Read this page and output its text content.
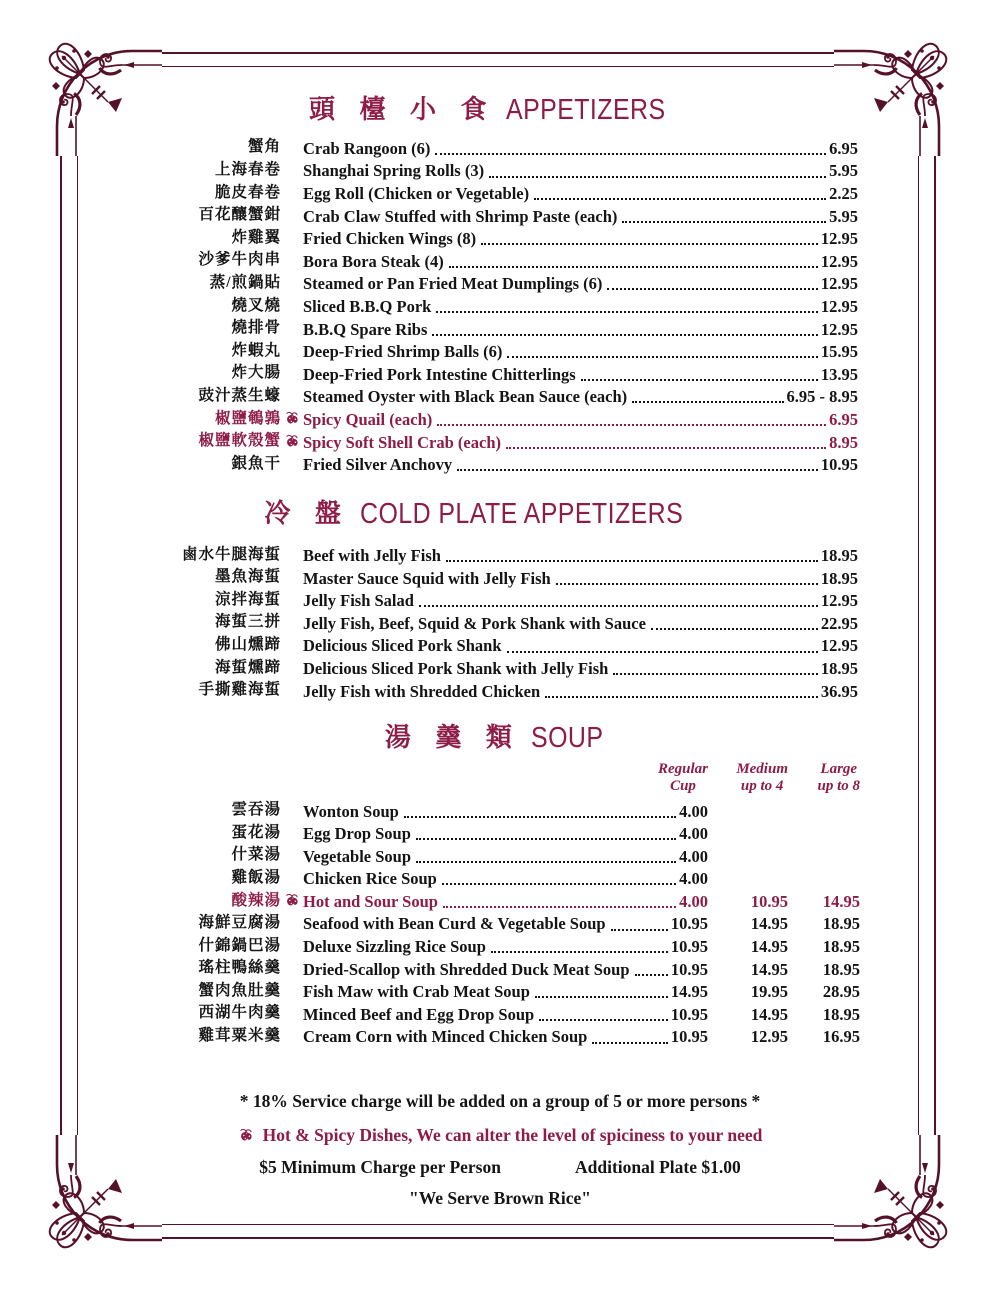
頭 檯 小 食 APPETIZERS
蟹角 Crab Rangoon (6)	6.95
上海春卷 Shanghai Spring Rolls (3)	5.95
脆皮春卷 Egg Roll (Chicken or Vegetable)	2.25
百花釀蟹鉗 Crab Claw Stuffed with Shrimp Paste (each)	5.95
炸雞翼 Fried Chicken Wings (8)	12.95
沙爹牛肉串 Bora Bora Steak (4)	12.95
蒸/煎鍋貼 Steamed or Pan Fried Meat Dumplings (6)	12.95
燒叉燒 Sliced B.B.Q Pork	12.95
燒排骨 B.B.Q Spare Ribs	12.95
炸蝦丸 Deep-Fried Shrimp Balls (6)	15.95
炸大腸 Deep-Fried Pork Intestine Chitterlings	13.95
豉汁蒸生蠔 Steamed Oyster with Black Bean Sauce (each)	6.95 - 8.95
椒鹽鵪鶉 Spicy Quail (each)	6.95
椒鹽軟殼蟹 Spicy Soft Shell Crab (each)	8.95
銀魚干 Fried Silver Anchovy	10.95
冷 盤 COLD PLATE APPETIZERS
鹵水牛腿海蜇 Beef with Jelly Fish	18.95
墨魚海蜇 Master Sauce Squid with Jelly Fish	18.95
涼拌海蜇 Jelly Fish Salad	12.95
海蜇三拼 Jelly Fish, Beef, Squid & Pork Shank with Sauce	22.95
佛山燻蹄 Delicious Sliced Pork Shank	12.95
海蜇燻蹄 Delicious Sliced Pork Shank with Jelly Fish	18.95
手撕雞海蜇 Jelly Fish with Shredded Chicken	36.95
湯 羹 類 SOUP
Regular
Cup
Medium
up to 4
Large
up to 8
雲吞湯 Wonton Soup	4.00
蛋花湯 Egg Drop Soup	4.00
什菜湯 Vegetable Soup	4.00
雞飯湯 Chicken Rice Soup	4.00
酸辣湯 Hot and Sour Soup	4.00	10.95	14.95
海鮮豆腐湯 Seafood with Bean Curd & Vegetable Soup	10.95	14.95	18.95
什錦鍋巴湯 Deluxe Sizzling Rice Soup	10.95	14.95	18.95
瑤柱鴨絲羹 Dried-Scallop with Shredded Duck Meat Soup	10.95	14.95	18.95
蟹肉魚肚羹 Fish Maw with Crab Meat Soup	14.95	19.95	28.95
西湖牛肉羹 Minced Beef and Egg Drop Soup	10.95	14.95	18.95
雞茸粟米羹 Cream Corn with Minced Chicken Soup	10.95	12.95	16.95
* 18% Service charge will be added on a group of 5 or more persons *
Hot & Spicy Dishes, We can alter the level of spiciness to your need
$5 Minimum Charge per Person	Additional Plate $1.00
"We Serve Brown Rice"
